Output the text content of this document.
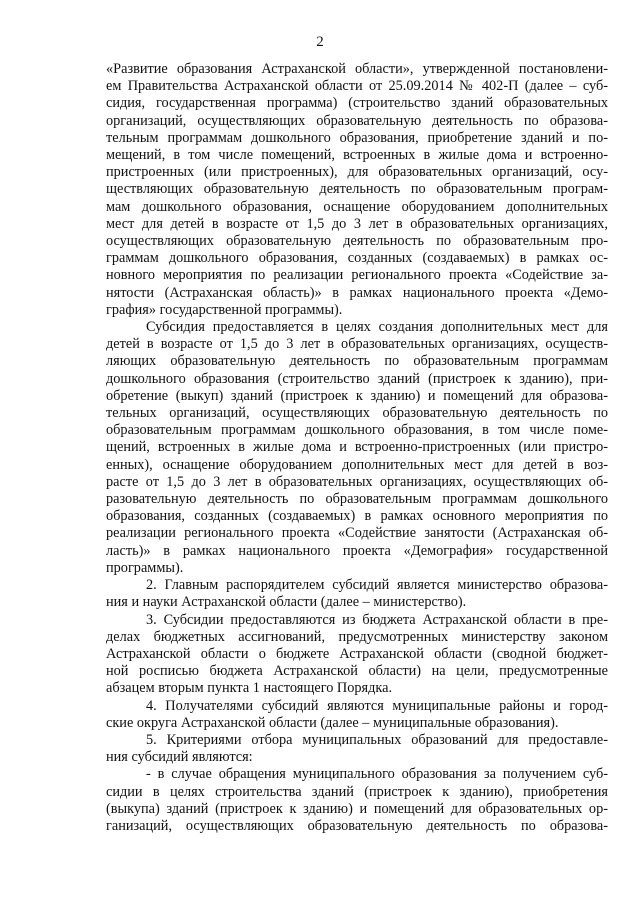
2
«Развитие образования Астраханской области», утвержденной постановлени-
ем Правительства Астраханской области от 25.09.2014 № 402-П (далее – суб-
сидия, государственная программа) (строительство зданий образовательных
организаций, осуществляющих образовательную деятельность по образова-
тельным программам дошкольного образования, приобретение зданий и по-
мещений, в том числе помещений, встроенных в жилые дома и встроенно-
пристроенных (или пристроенных), для образовательных организаций, осу-
ществляющих образовательную деятельность по образовательным програм-
мам дошкольного образования, оснащение оборудованием дополнительных
мест для детей в возрасте от 1,5 до 3 лет в образовательных организациях,
осуществляющих образовательную деятельность по образовательным про-
граммам дошкольного образования, созданных (создаваемых) в рамках ос-
новного мероприятия по реализации регионального проекта «Содействие за-
нятости (Астраханская область)» в рамках национального проекта «Демо-
графия» государственной программы).
Субсидия предоставляется в целях создания дополнительных мест для
детей в возрасте от 1,5 до 3 лет в образовательных организациях, осуществ-
ляющих образовательную деятельность по образовательным программам
дошкольного образования (строительство зданий (пристроек к зданию), при-
обретение (выкуп) зданий (пристроек к зданию) и помещений для образова-
тельных организаций, осуществляющих образовательную деятельность по
образовательным программам дошкольного образования, в том числе поме-
щений, встроенных в жилые дома и встроенно-пристроенных (или пристро-
енных), оснащение оборудованием дополнительных мест для детей в воз-
расте от 1,5 до 3 лет в образовательных организациях, осуществляющих об-
разовательную деятельность по образовательным программам дошкольного
образования, созданных (создаваемых) в рамках основного мероприятия по
реализации регионального проекта «Содействие занятости (Астраханская об-
ласть)» в рамках национального проекта «Демография» государственной
программы).
2. Главным распорядителем субсидий является министерство образова-
ния и науки Астраханской области (далее – министерство).
3. Субсидии предоставляются из бюджета Астраханской области в пре-
делах бюджетных ассигнований, предусмотренных министерству законом
Астраханской области о бюджете Астраханской области (сводной бюджет-
ной росписью бюджета Астраханской области) на цели, предусмотренные
абзацем вторым пункта 1 настоящего Порядка.
4. Получателями субсидий являются муниципальные районы и город-
ские округа Астраханской области (далее – муниципальные образования).
5. Критериями отбора муниципальных образований для предоставле-
ния субсидий являются:
- в случае обращения муниципального образования за получением суб-
сидии в целях строительства зданий (пристроек к зданию), приобретения
(выкупа) зданий (пристроек к зданию) и помещений для образовательных ор-
ганизаций, осуществляющих образовательную деятельность по образова-
